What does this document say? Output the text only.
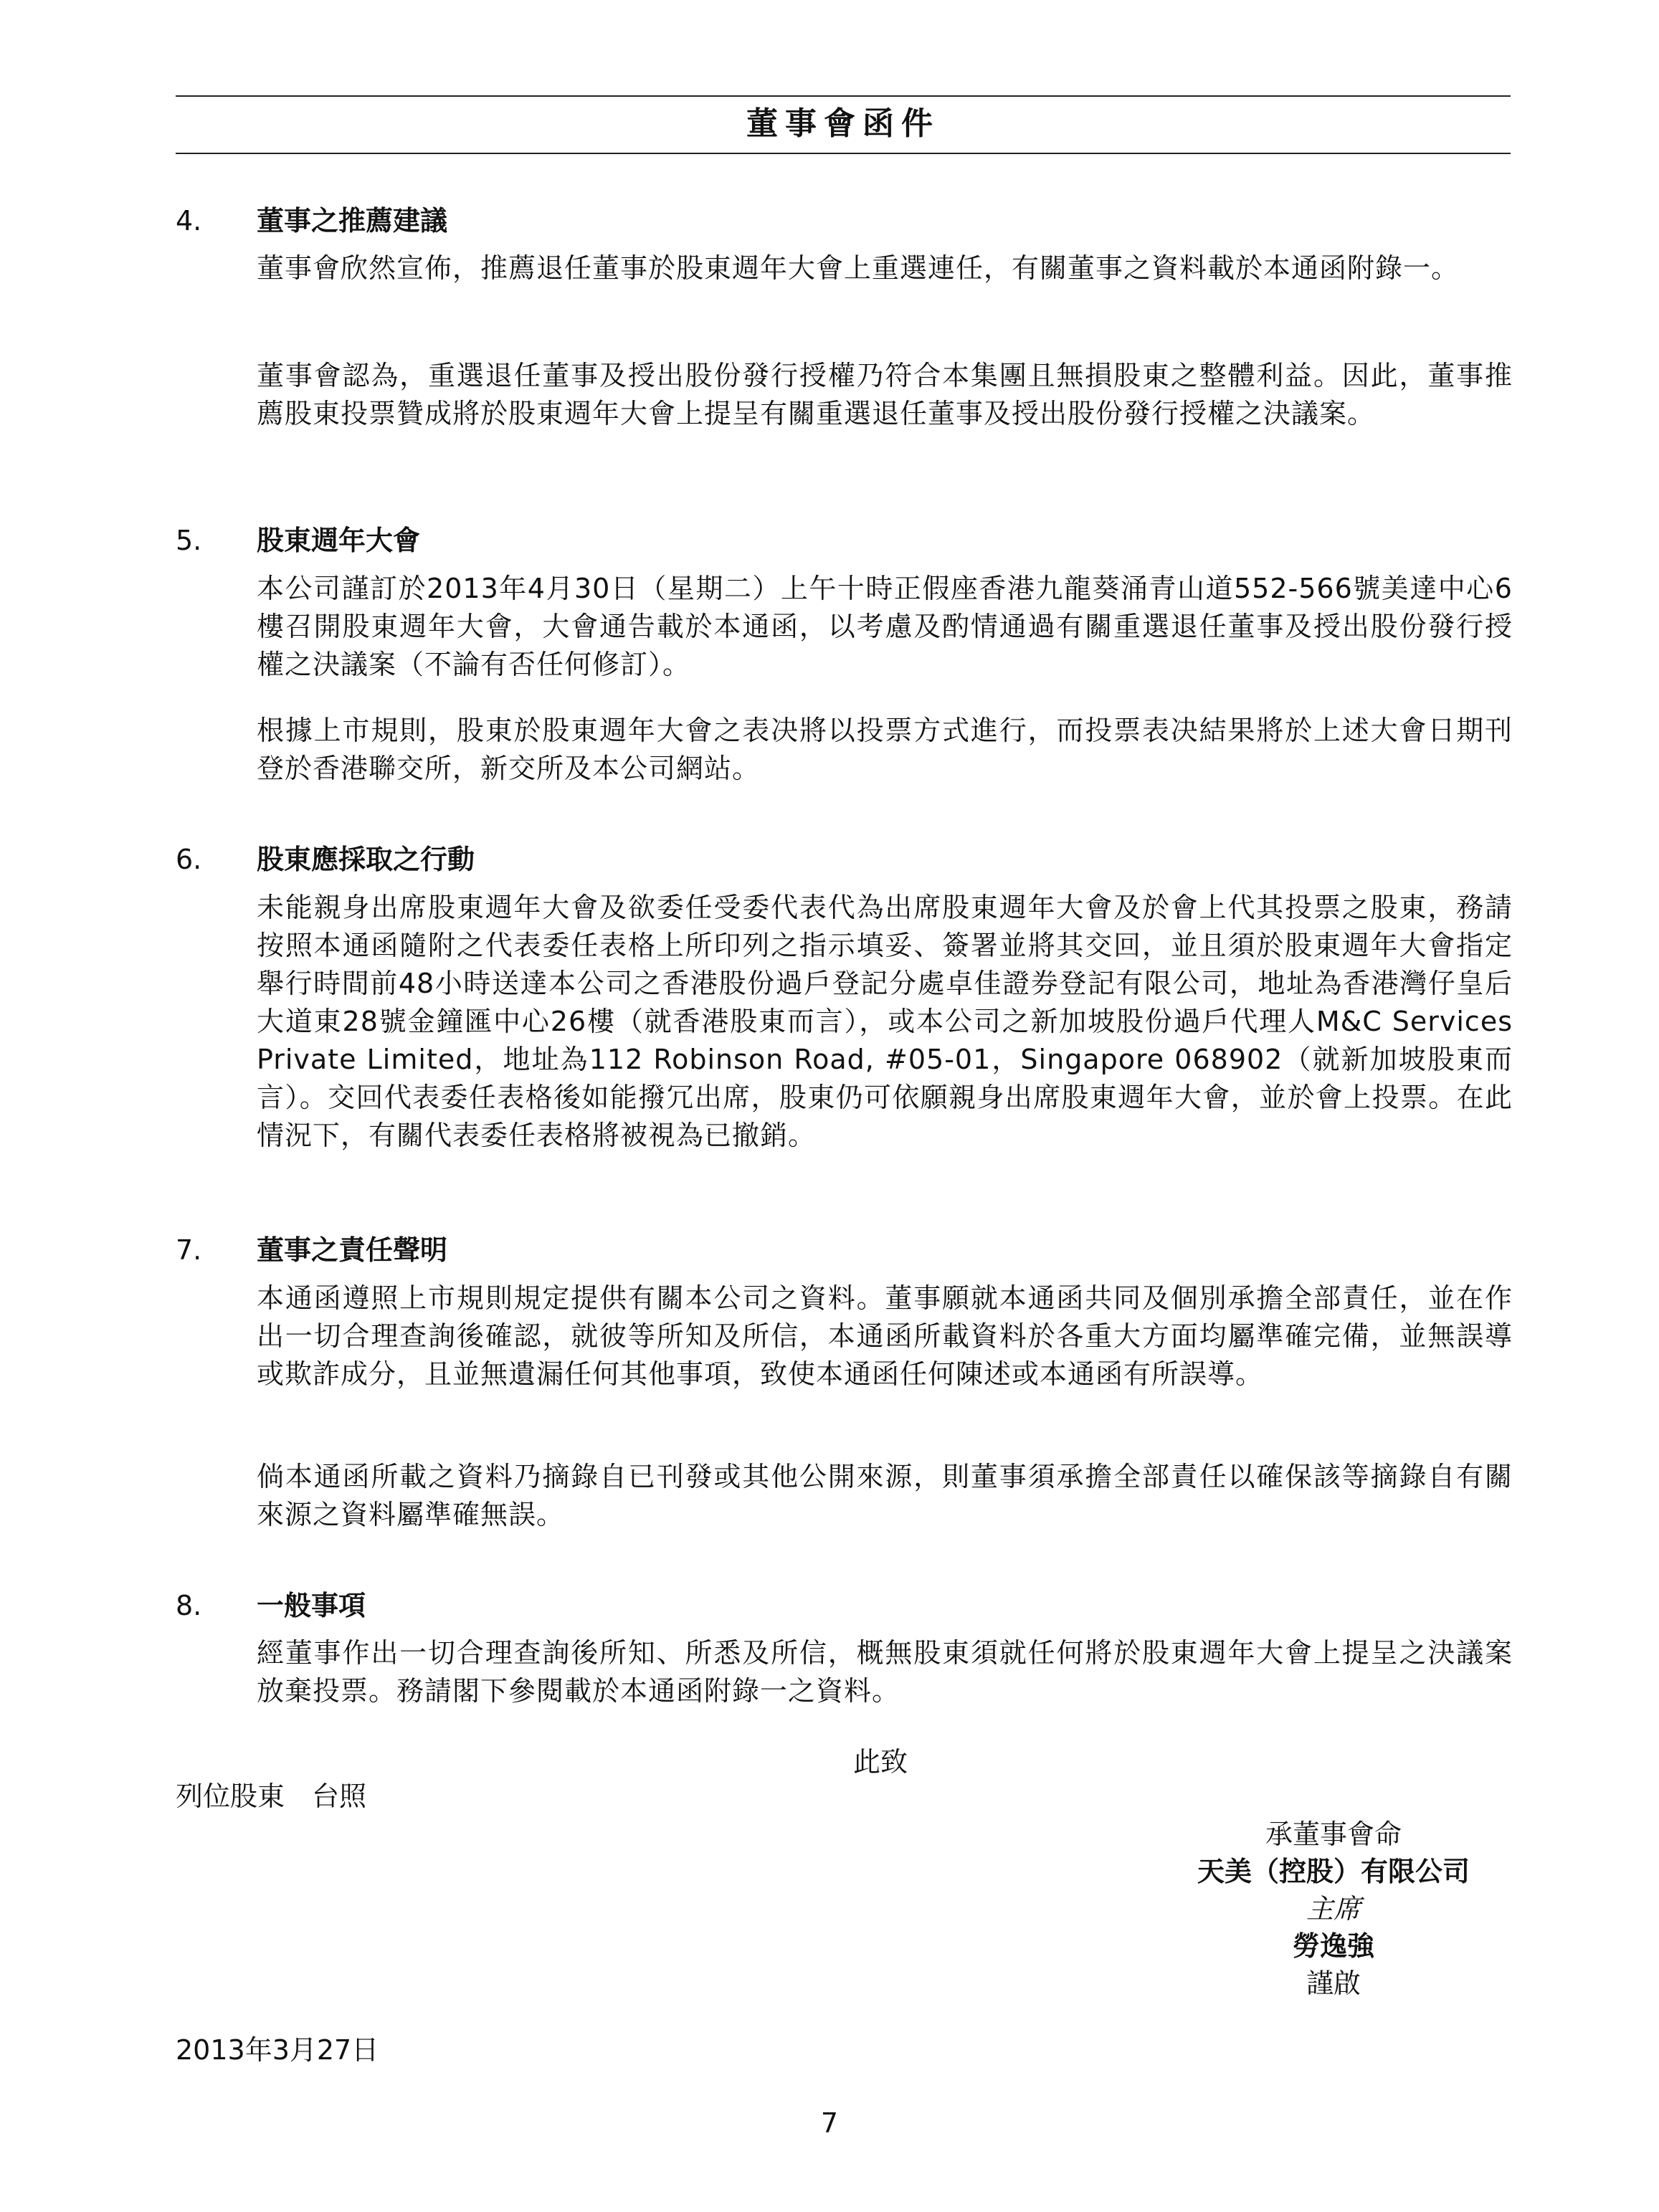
董事會函件
4. 董事之推薦建議
董事會欣然宣佈，推薦退任董事於股東週年大會上重選連任，有關董事之資料載於本通函附錄一。
董事會認為，重選退任董事及授出股份發行授權乃符合本集團且無損股東之整體利益。因此，董事推薦股東投票贊成將於股東週年大會上提呈有關重選退任董事及授出股份發行授權之決議案。
5. 股東週年大會
本公司謹訂於2013年4月30日（星期二）上午十時正假座香港九龍葵涌青山道552-566號美達中心6樓召開股東週年大會，大會通告載於本通函，以考慮及酌情通過有關重選退任董事及授出股份發行授權之決議案（不論有否任何修訂）。
根據上市規則，股東於股東週年大會之表决將以投票方式進行，而投票表决結果將於上述大會日期刊登於香港聯交所，新交所及本公司網站。
6. 股東應採取之行動
未能親身出席股東週年大會及欲委任受委代表代為出席股東週年大會及於會上代其投票之股東，務請按照本通函隨附之代表委任表格上所印列之指示填妥、簽署並將其交回，並且須於股東週年大會指定舉行時間前48小時送達本公司之香港股份過戶登記分處卓佳證券登記有限公司，地址為香港灣仔皇后大道東28號金鐘匯中心26樓（就香港股東而言），或本公司之新加坡股份過戶代理人M&C Services Private Limited，地址為112 Robinson Road, #05-01，Singapore 068902（就新加坡股東而言）。交回代表委任表格後如能撥冗出席，股東仍可依願親身出席股東週年大會，並於會上投票。在此情況下，有關代表委任表格將被視為已撤銷。
7. 董事之責任聲明
本通函遵照上市規則規定提供有關本公司之資料。董事願就本通函共同及個別承擔全部責任，並在作出一切合理查詢後確認，就彼等所知及所信，本通函所載資料於各重大方面均屬準確完備，並無誤導或欺詐成分，且並無遺漏任何其他事項，致使本通函任何陳述或本通函有所誤導。
倘本通函所載之資料乃摘錄自已刊發或其他公開來源，則董事須承擔全部責任以確保該等摘錄自有關來源之資料屬準確無誤。
8. 一般事項
經董事作出一切合理查詢後所知、所悉及所信，概無股東須就任何將於股東週年大會上提呈之決議案放棄投票。務請閣下參閱載於本通函附錄一之資料。
此致
列位股東　台照
承董事會命
天美（控股）有限公司
主席
勞逸強
謹啟
2013年3月27日
7
